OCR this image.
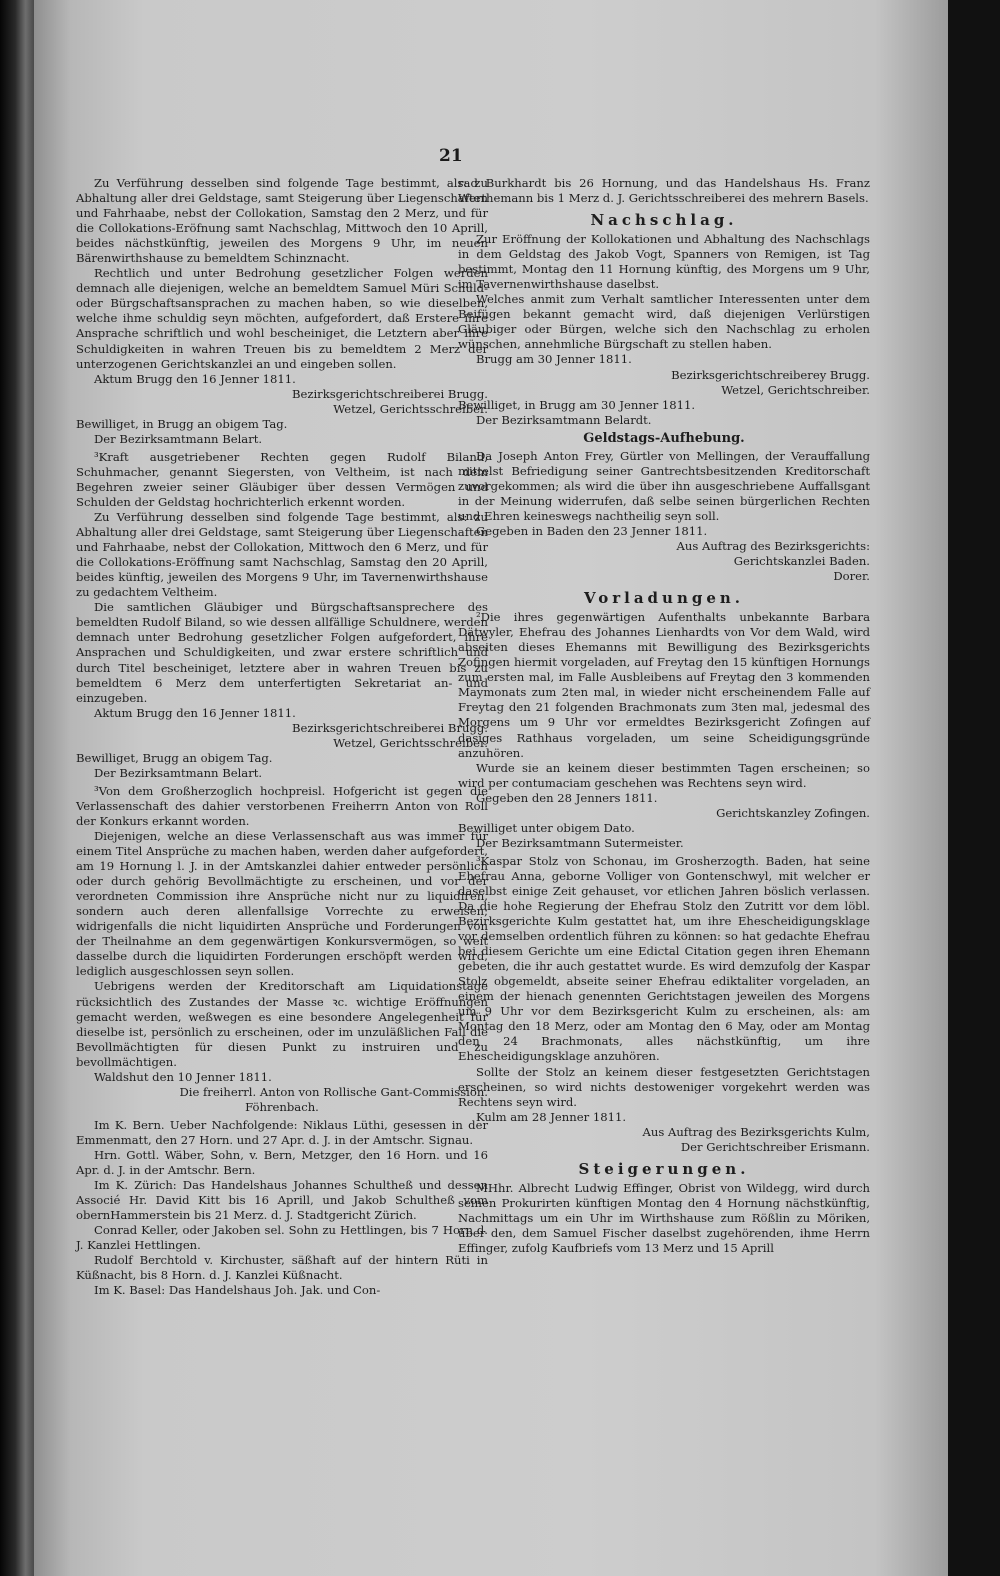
21

Zu Verführung desselben sind folgende Tage bestimmt, als: zu Abhaltung aller drei Geldstage, samt Steigerung über Liegenschaften und Fahrhaabe, nebst der Collokation, Samstag den 2 Merz, und für die Collokations-Eröfnung samt Nachschlag, Mittwoch den 10 Aprill, beides nächstkünftig, jeweilen des Morgens 9 Uhr, im neuen Bärenwirthshause zu bemeldtem Schinznacht.

Rechtlich und unter Bedrohung gesetzlicher Folgen werden demnach alle diejenigen, welche an bemeldtem Samuel Müri Schuld- oder Bürgschaftsansprachen zu machen haben, so wie dieselben, welche ihme schuldig seyn möchten, aufgefordert, daß Erstere ihre Ansprache schriftlich und wohl bescheiniget, die Letztern aber ihre Schuldigkeiten in wahren Treuen bis zu bemeldtem 2 Merz der unterzogenen Gerichtskanzlei an und eingeben sollen.

Aktum Brugg den 16 Jenner 1811.

Bezirksgerichtschreiberei Brugg.

Wetzel, Gerichtsschreiber.

Bewilliget, in Brugg an obigem Tag.

Der Bezirksamtmann Belart.

³Kraft ausgetriebener Rechten gegen Rudolf Biland, Schuhmacher, genannt Siegersten, von Veltheim, ist nach dem Begehren zweier seiner Gläubiger über dessen Vermögen und Schulden der Geldstag hochrichterlich erkennt worden.

Zu Verführung desselben sind folgende Tage bestimmt, als: zu Abhaltung aller drei Geldstage, samt Steigerung über Liegenschaften und Fahrhaabe, nebst der Collokation, Mittwoch den 6 Merz, und für die Collokations-Eröffnung samt Nachschlag, Samstag den 20 Aprill, beides künftig, jeweilen des Morgens 9 Uhr, im Tavernenwirthshause zu gedachtem Veltheim.

Die samtlichen Gläubiger und Bürgschaftsansprechere des bemeldten Rudolf Biland, so wie dessen allfällige Schuldnere, werden demnach unter Bedrohung gesetzlicher Folgen aufgefordert, ihre Ansprachen und Schuldigkeiten, und zwar erstere schriftlich und durch Titel bescheiniget, letztere aber in wahren Treuen bis zu bemeldtem 6 Merz dem unterfertigten Sekretariat an- und einzugeben.

Aktum Brugg den 16 Jenner 1811.

Bezirksgerichtschreiberei Brugg.

Wetzel, Gerichtsschreiber.

Bewilliget, Brugg an obigem Tag.

Der Bezirksamtmann Belart.

³Von dem Großherzoglich hochpreisl. Hofgericht ist gegen die Verlassenschaft des dahier verstorbenen Freiherrn Anton von Roll der Konkurs erkannt worden.

Diejenigen, welche an diese Verlassenschaft aus was immer für einem Titel Ansprüche zu machen haben, werden daher aufgefordert, am 19 Hornung l. J. in der Amtskanzlei dahier entweder persönlich oder durch gehörig Bevollmächtigte zu erscheinen, und vor der verordneten Commission ihre Ansprüche nicht nur zu liquidiren, sondern auch deren allenfallsige Vorrechte zu erweisen; widrigenfalls die nicht liquidirten Ansprüche und Forderungen von der Theilnahme an dem gegenwärtigen Konkursvermögen, so weit dasselbe durch die liquidirten Forderungen erschöpft werden wird, lediglich ausgeschlossen seyn sollen.

Uebrigens werden der Kreditorschaft am Liquidationstage rücksichtlich des Zustandes der Masse ꝛc. wichtige Eröffnungen gemacht werden, weßwegen es eine besondere Angelegenheit für dieselbe ist, persönlich zu erscheinen, oder im unzuläßlichen Fall die Bevollmächtigten für diesen Punkt zu instruiren und zu bevollmächtigen.

Waldshut den 10 Jenner 1811.

Die freiherrl. Anton von Rollische Gant-Commission.

Föhrenbach.

Im K. Bern. Ueber Nachfolgende: Niklaus Lüthi, gesessen in der Emmenmatt, den 27 Horn. und 27 Apr. d. J. in der Amtschr. Signau.

Hrn. Gottl. Wäber, Sohn, v. Bern, Metzger, den 16 Horn. und 16 Apr. d. J. in der Amtschr. Bern.

Im K. Zürich: Das Handelshaus Johannes Schultheß und dessen Associé Hr. David Kitt bis 16 Aprill, und Jakob Schultheß vom obernHammerstein bis 21 Merz. d. J. Stadtgericht Zürich.

Conrad Keller, oder Jakoben sel. Sohn zu Hettlingen, bis 7 Horn d. J. Kanzlei Hettlingen.

Rudolf Berchtold v. Kirchuster, säßhaft auf der hintern Rüti in Küßnacht, bis 8 Horn. d. J. Kanzlei Küßnacht.

Im K. Basel: Das Handelshaus Joh. Jak. und Con-

rad Burkhardt bis 26 Hornung, und das Handelshaus Hs. Franz Werthemann bis 1 Merz d. J. Gerichtsschreiberei des mehrern Basels.

Nachschlag.

Zur Eröffnung der Kollokationen und Abhaltung des Nachschlags in dem Geldstag des Jakob Vogt, Spanners von Remigen, ist Tag bestimmt, Montag den 11 Hornung künftig, des Morgens um 9 Uhr, im Tavernenwirthshause daselbst.

Welches anmit zum Verhalt samtlicher Interessenten unter dem Beifügen bekannt gemacht wird, daß diejenigen Verlürstigen Gläubiger oder Bürgen, welche sich den Nachschlag zu erholen wünschen, annehmliche Bürgschaft zu stellen haben.

Brugg am 30 Jenner 1811.

Bezirksgerichtschreiberey Brugg.

Wetzel, Gerichtschreiber.

Bewilliget, in Brugg am 30 Jenner 1811.

Der Bezirksamtmann Belardt.

Geldstags-Aufhebung.

Da Joseph Anton Frey, Gürtler von Mellingen, der Verauffallung mittelst Befriedigung seiner Gantrechtsbesitzenden Kreditorschaft zuvorgekommen; als wird die über ihn ausgeschriebene Auffallsgant in der Meinung widerrufen, daß selbe seinen bürgerlichen Rechten und Ehren keineswegs nachtheilig seyn soll.

Gegeben in Baden den 23 Jenner 1811.

Aus Auftrag des Bezirksgerichts:

Gerichtskanzlei Baden.

Dorer.

Vorladungen.

²Die ihres gegenwärtigen Aufenthalts unbekannte Barbara Dätwyler, Ehefrau des Johannes Lienhardts von Vor dem Wald, wird abseiten dieses Ehemanns mit Bewilligung des Bezirksgerichts Zofingen hiermit vorgeladen, auf Freytag den 15 künftigen Hornungs zum ersten mal, im Falle Ausbleibens auf Freytag den 3 kommenden Maymonats zum 2ten mal, in wieder nicht erscheinendem Falle auf Freytag den 21 folgenden Brachmonats zum 3ten mal, jedesmal des Morgens um 9 Uhr vor ermeldtes Bezirksgericht Zofingen auf dasiges Rathhaus vorgeladen, um seine Scheidigungsgründe anzuhören.

Wurde sie an keinem dieser bestimmten Tagen erscheinen; so wird per contumaciam geschehen was Rechtens seyn wird.

Gegeben den 28 Jenners 1811.

Gerichtskanzley Zofingen.

Bewilliget unter obigem Dato.

Der Bezirksamtmann Sutermeister.

³Kaspar Stolz von Schonau, im Grosherzogth. Baden, hat seine Ehefrau Anna, geborne Volliger von Gontenschwyl, mit welcher er daselbst einige Zeit gehauset, vor etlichen Jahren böslich verlassen. Da die hohe Regierung der Ehefrau Stolz den Zutritt vor dem löbl. Bezirksgerichte Kulm gestattet hat, um ihre Ehescheidigungsklage vor demselben ordentlich führen zu können: so hat gedachte Ehefrau bei diesem Gerichte um eine Edictal Citation gegen ihren Ehemann gebeten, die ihr auch gestattet wurde. Es wird demzufolg der Kaspar Stolz obgemeldt, abseite seiner Ehefrau ediktaliter vorgeladen, an einem der hienach genennten Gerichtstagen jeweilen des Morgens um 9 Uhr vor dem Bezirksgericht Kulm zu erscheinen, als: am Montag den 18 Merz, oder am Montag den 6 May, oder am Montag den 24 Brachmonats, alles nächstkünftig, um ihre Ehescheidigungsklage anzuhören.

Sollte der Stolz an keinem dieser festgesetzten Gerichtstagen erscheinen, so wird nichts destoweniger vorgekehrt werden was Rechtens seyn wird.

Kulm am 28 Jenner 1811.

Aus Auftrag des Bezirksgerichts Kulm,

Der Gerichtschreiber Erismann.

Steigerungen.

MHhr. Albrecht Ludwig Effinger, Obrist von Wildegg, wird durch seinen Prokurirten künftigen Montag den 4 Hornung nächstkünftig, Nachmittags um ein Uhr im Wirthshause zum Rößlin zu Möriken, über den, dem Samuel Fischer daselbst zugehörenden, ihme Herrn Effinger, zufolg Kaufbriefs vom 13 Merz und 15 Aprill
